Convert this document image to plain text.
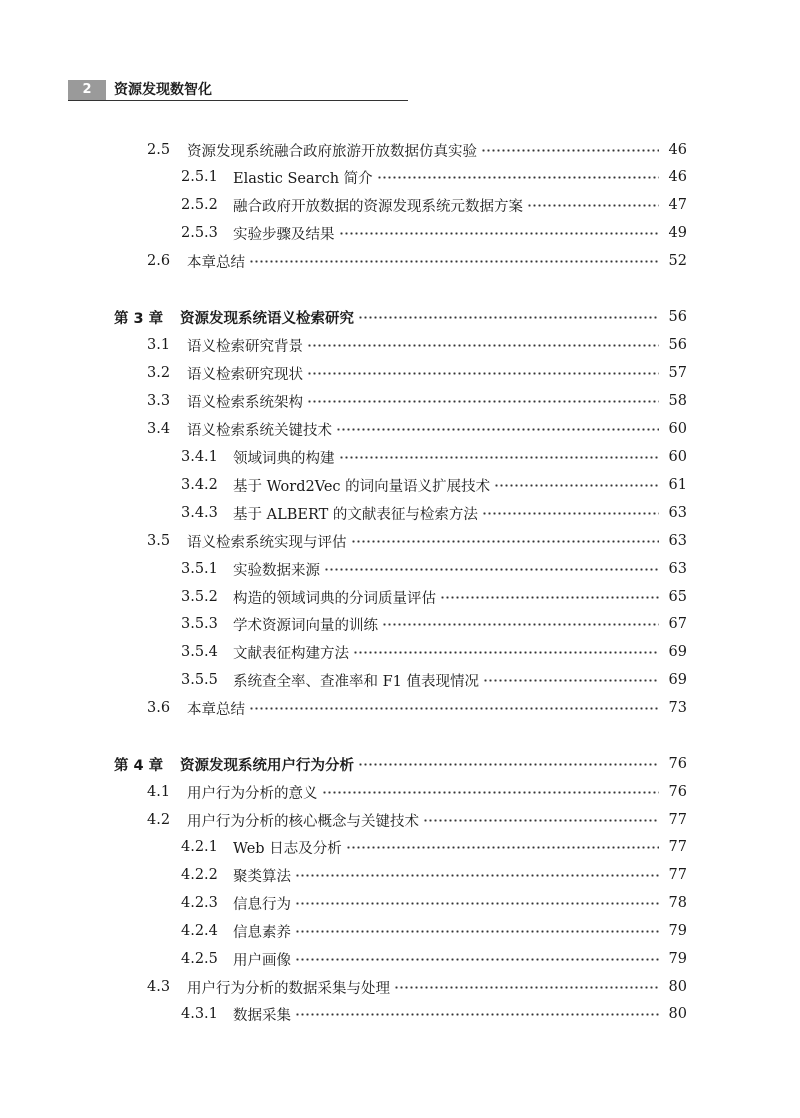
2	资源发现数智化
2.5	资源发现系统融合政府旅游开放数据仿真实验	46
2.5.1	Elastic Search 简介	46
2.5.2	融合政府开放数据的资源发现系统元数据方案	47
2.5.3	实验步骤及结果	49
2.6	本章总结	52
第 3 章	资源发现系统语义检索研究	56
3.1	语义检索研究背景	56
3.2	语义检索研究现状	57
3.3	语义检索系统架构	58
3.4	语义检索系统关键技术	60
3.4.1	领域词典的构建	60
3.4.2	基于 Word2Vec 的词向量语义扩展技术	61
3.4.3	基于 ALBERT 的文献表征与检索方法	63
3.5	语义检索系统实现与评估	63
3.5.1	实验数据来源	63
3.5.2	构造的领域词典的分词质量评估	65
3.5.3	学术资源词向量的训练	67
3.5.4	文献表征构建方法	69
3.5.5	系统查全率、查准率和 F1 值表现情况	69
3.6	本章总结	73
第 4 章	资源发现系统用户行为分析	76
4.1	用户行为分析的意义	76
4.2	用户行为分析的核心概念与关键技术	77
4.2.1	Web 日志及分析	77
4.2.2	聚类算法	77
4.2.3	信息行为	78
4.2.4	信息素养	79
4.2.5	用户画像	79
4.3	用户行为分析的数据采集与处理	80
4.3.1	数据采集	80
